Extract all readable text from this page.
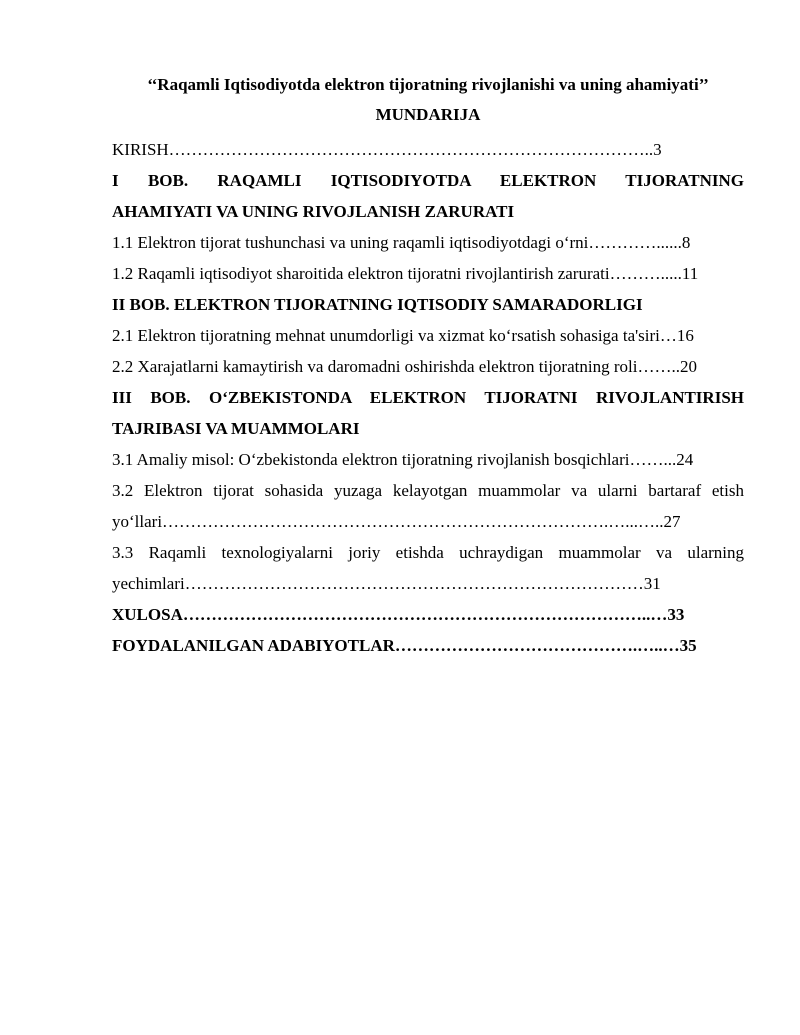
‘‘Raqamli Iqtisodiyotda elektron tijoratning rivojlanishi va uning ahamiyati’’

MUNDARIJA

KIRISH…………………………………………………………………………..3

I BOB. RAQAMLI IQTISODIYOTDA ELEKTRON TIJORATNING

AHAMIYATI VA UNING RIVOJLANISH ZARURATI

1.1 Elektron tijorat tushunchasi va uning raqamli iqtisodiyotdagi o‘rni…………......8

1.2 Raqamli iqtisodiyot sharoitida elektron tijoratni rivojlantirish zarurati……….....11

II BOB. ELEKTRON TIJORATNING IQTISODIY SAMARADORLIGI

2.1 Elektron tijoratning mehnat unumdorligi va xizmat ko‘rsatish sohasiga ta'siri…16

2.2 Xarajatlarni kamaytirish va daromadni oshirishda elektron tijoratning roli……..20

III BOB. O‘ZBEKISTONDA ELEKTRON TIJORATNI RIVOJLANTIRISH

TAJRIBASI VA MUAMMOLARI

3.1 Amaliy misol: O‘zbekistonda elektron tijoratning rivojlanish bosqichlari……...24

3.2 Elektron tijorat sohasida yuzaga kelayotgan muammolar va ularni bartaraf etish

yo‘llari…………………………………………………………………….…...…..27

3.3 Raqamli texnologiyalarni joriy etishda uchraydigan muammolar va ularning

yechimlari………………………………………………………………………31

XULOSA………………………………………………………………………..…33

FOYDALANILGAN ADABIYOTLAR…………………………………….…..…35
